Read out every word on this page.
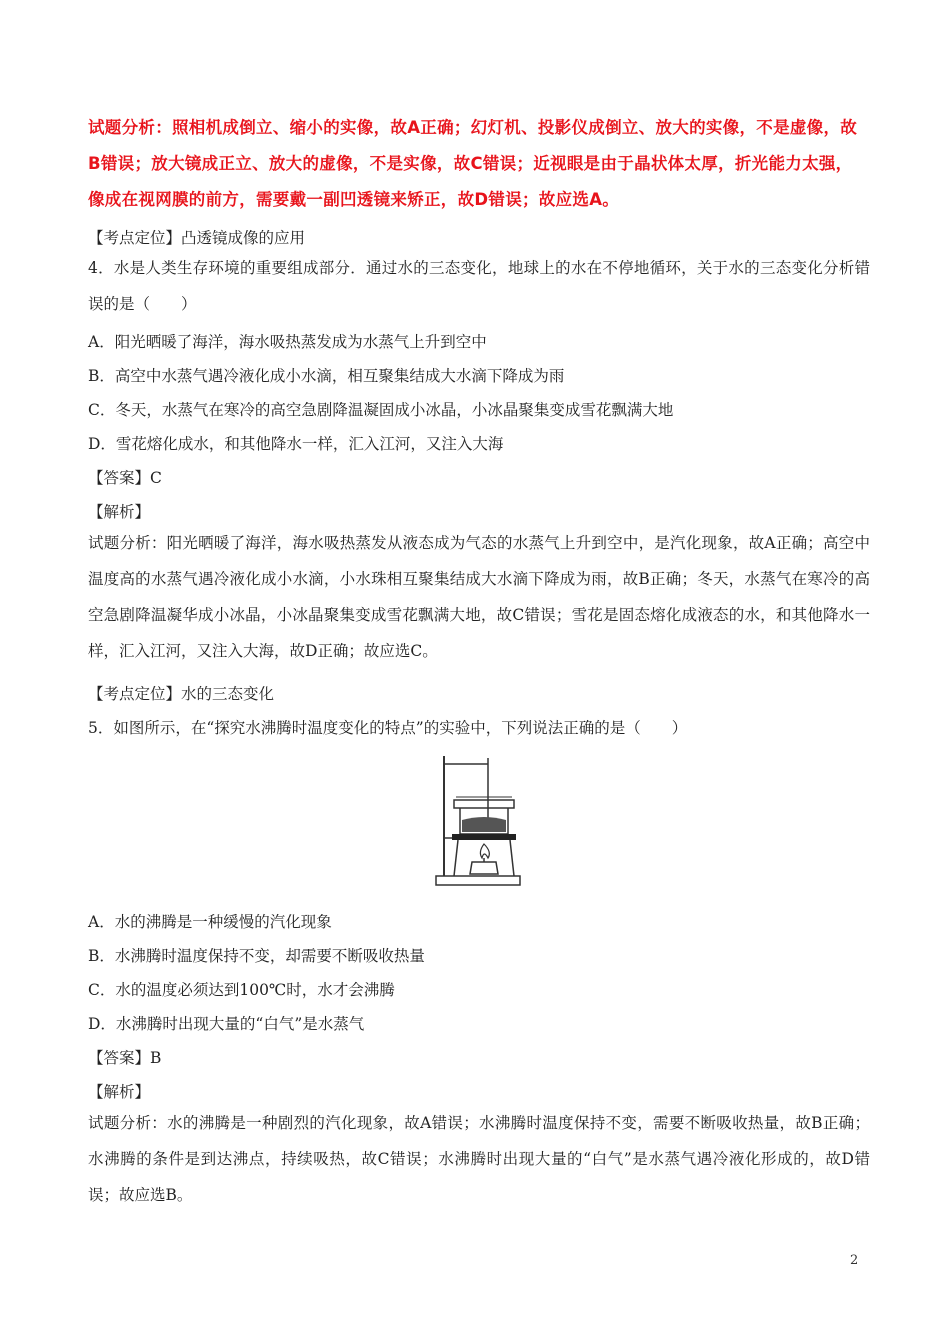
试题分析：照相机成倒立、缩小的实像，故A正确；幻灯机、投影仪成倒立、放大的实像，不是虚像，故B错误；放大镜成正立、放大的虚像，不是实像，故C错误；近视眼是由于晶状体太厚，折光能力太强，像成在视网膜的前方，需要戴一副凹透镜来矫正，故D错误；故应选A。

【考点定位】凸透镜成像的应用

4．水是人类生存环境的重要组成部分．通过水的三态变化，地球上的水在不停地循环，关于水的三态变化分析错误的是（　　）

A．阳光晒暖了海洋，海水吸热蒸发成为水蒸气上升到空中

B．高空中水蒸气遇冷液化成小水滴，相互聚集结成大水滴下降成为雨

C．冬天，水蒸气在寒冷的高空急剧降温凝固成小冰晶，小冰晶聚集变成雪花飘满大地

D．雪花熔化成水，和其他降水一样，汇入江河，又注入大海

【答案】C

【解析】

试题分析：阳光晒暖了海洋，海水吸热蒸发从液态成为气态的水蒸气上升到空中，是汽化现象，故A正确；高空中温度高的水蒸气遇冷液化成小水滴，小水珠相互聚集结成大水滴下降成为雨，故B正确；冬天，水蒸气在寒冷的高空急剧降温凝华成小冰晶，小冰晶聚集变成雪花飘满大地，故C错误；雪花是固态熔化成液态的水，和其他降水一样，汇入江河，又注入大海，故D正确；故应选C。

【考点定位】水的三态变化

5．如图所示，在“探究水沸腾时温度变化的特点”的实验中，下列说法正确的是（　　）

A．水的沸腾是一种缓慢的汽化现象

B．水沸腾时温度保持不变，却需要不断吸收热量

C．水的温度必须达到100℃时，水才会沸腾

D．水沸腾时出现大量的“白气”是水蒸气

【答案】B

【解析】

试题分析：水的沸腾是一种剧烈的汽化现象，故A错误；水沸腾时温度保持不变，需要不断吸收热量，故B正确；水沸腾的条件是到达沸点，持续吸热，故C错误；水沸腾时出现大量的“白气”是水蒸气遇冷液化形成的，故D错误；故应选B。

2
